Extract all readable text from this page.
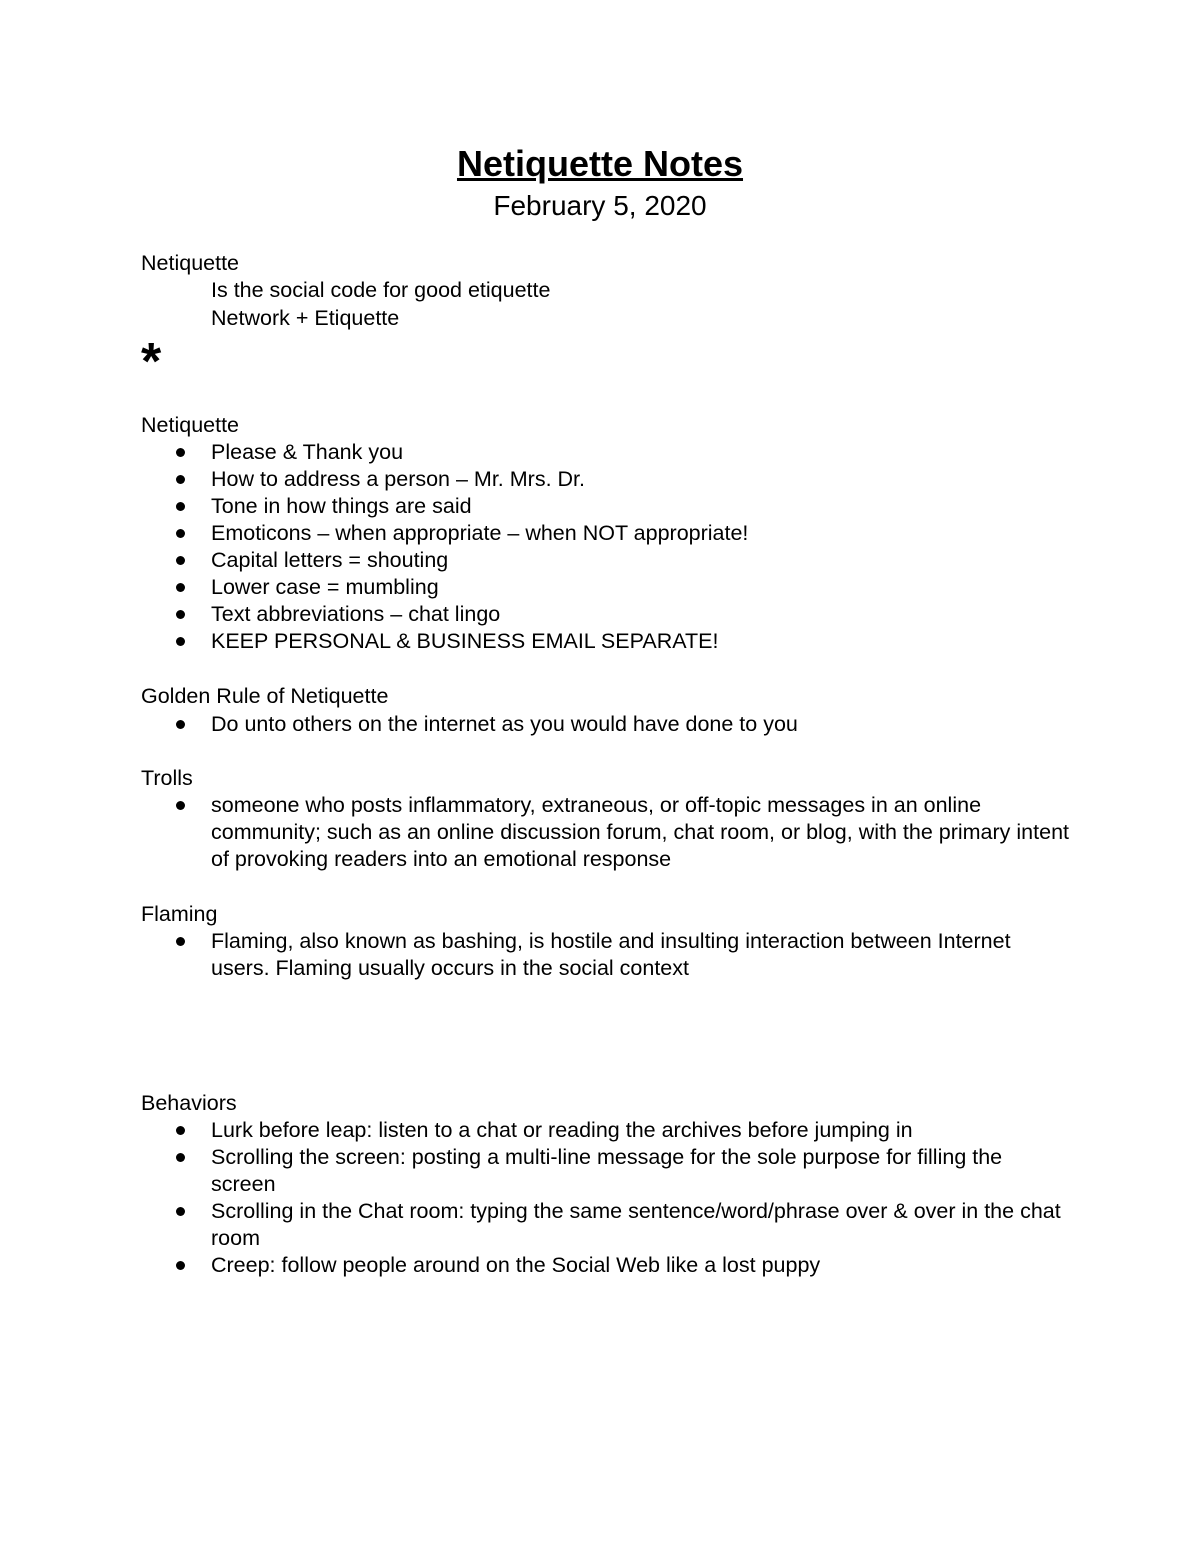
Netiquette Notes
February 5, 2020
Netiquette
Is the social code for good etiquette
Network + Etiquette
*
Netiquette
Please & Thank you
How to address a person – Mr. Mrs. Dr.
Tone in how things are said
Emoticons – when appropriate – when NOT appropriate!
Capital letters = shouting
Lower case = mumbling
Text abbreviations – chat lingo
KEEP PERSONAL & BUSINESS EMAIL SEPARATE!
Golden Rule of Netiquette
Do unto others on the internet as you would have done to you
Trolls
someone who posts inflammatory, extraneous, or off-topic messages in an online community; such as an online discussion forum, chat room, or blog, with the primary intent of provoking readers into an emotional response
Flaming
Flaming, also known as bashing, is hostile and insulting interaction between Internet users. Flaming usually occurs in the social context
Behaviors
Lurk before leap: listen to a chat or reading the archives before jumping in
Scrolling the screen: posting a multi-line message for the sole purpose for filling the screen
Scrolling in the Chat room: typing the same sentence/word/phrase over & over in the chat room
Creep: follow people around on the Social Web like a lost puppy
